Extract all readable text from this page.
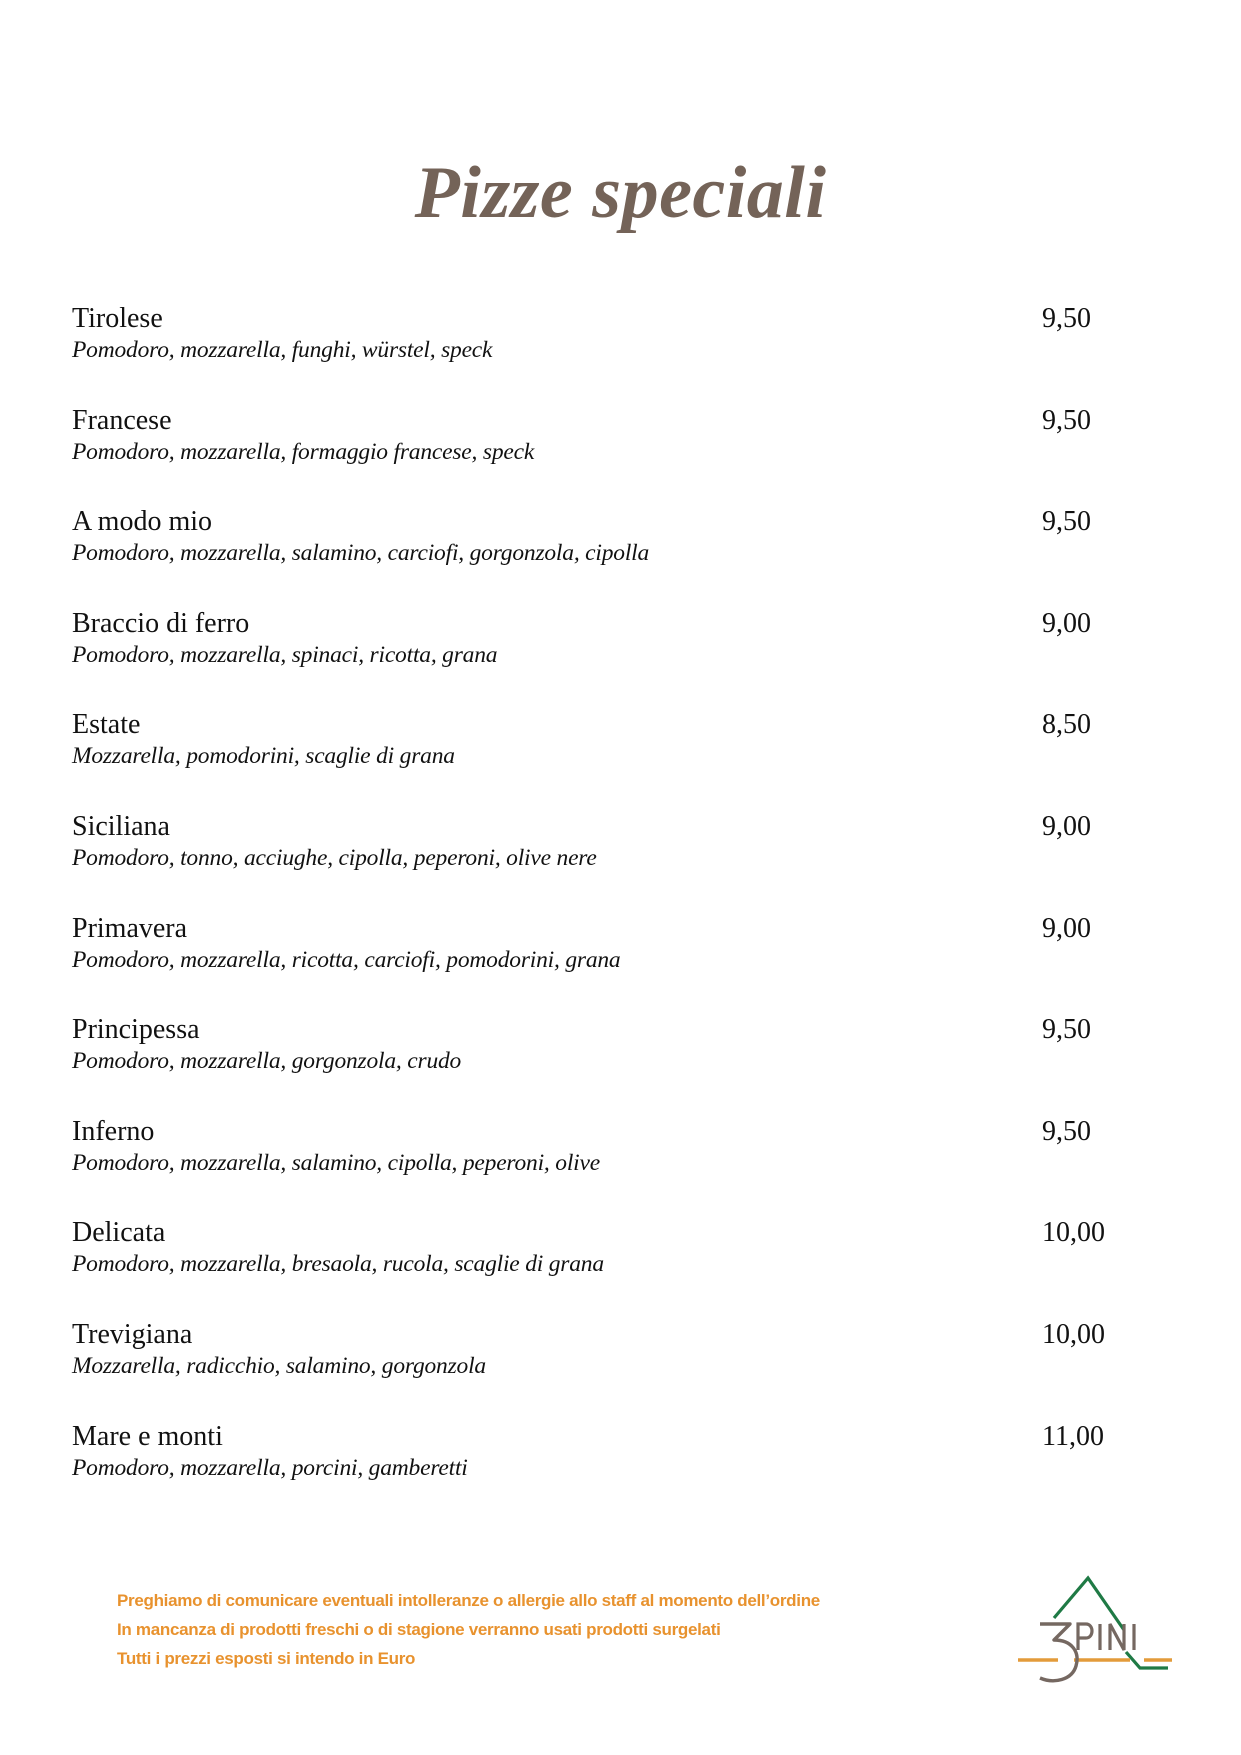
Pizze speciali
Tirolese
Pomodoro, mozzarella, funghi, würstel, speck
9,50
Francese
Pomodoro, mozzarella, formaggio francese, speck
9,50
A modo mio
Pomodoro, mozzarella, salamino, carciofi, gorgonzola, cipolla
9,50
Braccio di ferro
Pomodoro, mozzarella, spinaci, ricotta, grana
9,00
Estate
Mozzarella, pomodorini, scaglie di grana
8,50
Siciliana
Pomodoro, tonno, acciughe, cipolla, peperoni, olive nere
9,00
Primavera
Pomodoro, mozzarella, ricotta, carciofi, pomodorini, grana
9,00
Principessa
Pomodoro, mozzarella, gorgonzola, crudo
9,50
Inferno
Pomodoro, mozzarella, salamino, cipolla, peperoni, olive
9,50
Delicata
Pomodoro, mozzarella, bresaola, rucola, scaglie di grana
10,00
Trevigiana
Mozzarella, radicchio, salamino, gorgonzola
10,00
Mare e monti
Pomodoro, mozzarella, porcini, gamberetti
11,00
Preghiamo di comunicare eventuali intolleranze o allergie allo staff al momento dell’ordine
In mancanza di prodotti freschi o di stagione verranno usati prodotti surgelati
Tutti i prezzi esposti si intendo in Euro
